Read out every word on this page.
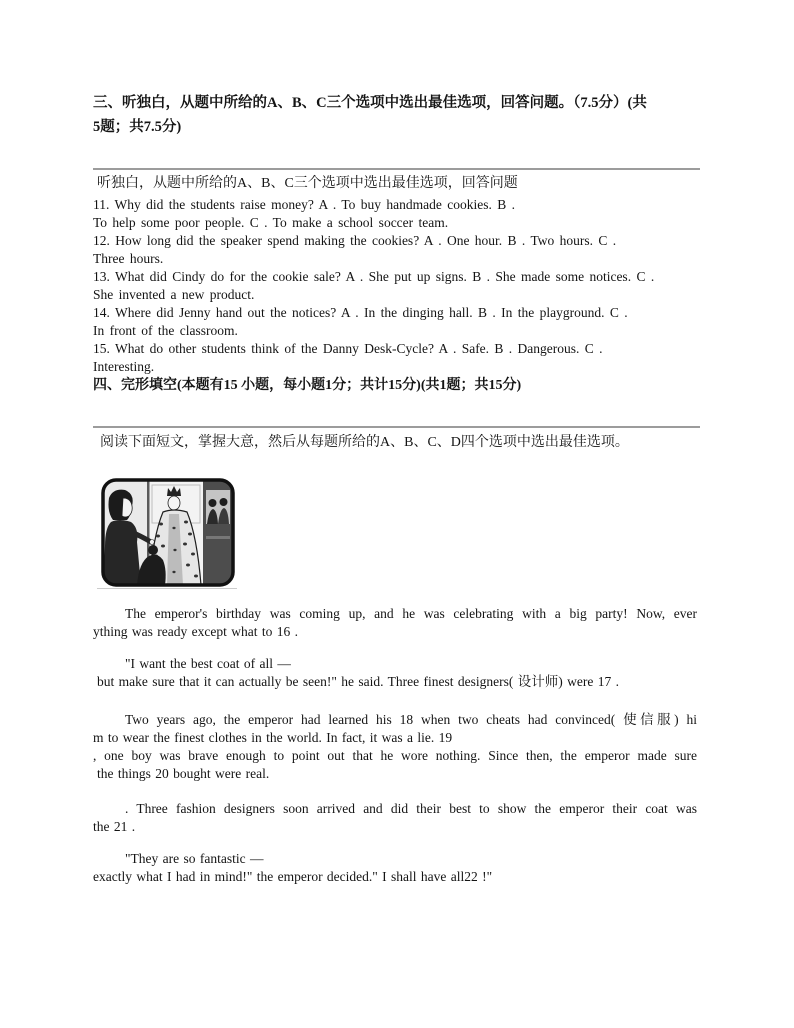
三、听独白，从题中所给的A、B、C三个选项中选出最佳选项，回答问题。（7.5分）(共
5题；共7.5分)
听独白，从题中所给的A、B、C三个选项中选出最佳选项，回答问题
11. Why did the students raise money? A . To buy handmade cookies. B .
To help some poor people. C . To make a school soccer team.
12. How long did the speaker spend making the cookies? A . One hour. B . Two hours. C .
Three hours.
13. What did Cindy do for the cookie sale? A . She put up signs. B . She made some notices. C .
She invented a new product.
14. Where did Jenny hand out the notices? A . In the dinging hall. B . In the playground. C .
In front of the classroom.
15. What do other students think of the Danny Desk-Cycle? A . Safe. B . Dangerous. C .
Interesting.
四、完形填空(本题有15 小题，每小题1分；共计15分)(共1题；共15分)
阅读下面短文，掌握大意，然后从每题所给的A、B、C、D四个选项中选出最佳选项。
The emperor's birthday was coming up, and he was celebrating with a big party! Now, ever
ything was ready except what to 16 .
"I want the best coat of all —
but make sure that it can actually be seen!" he said. Three finest designers( 设计师) were 17 .
Two years ago, the emperor had learned his 18 when two cheats had convinced( 使信服) hi
m to wear the finest clothes in the world. In fact, it was a lie. 19
, one boy was brave enough to point out that he wore nothing. Since then, the emperor made sure
the things 20 bought were real.
. Three fashion designers soon arrived and did their best to show the emperor their coat was
the 21 .
"They are so fantastic —
exactly what I had in mind!" the emperor decided." I shall have all22 !"
